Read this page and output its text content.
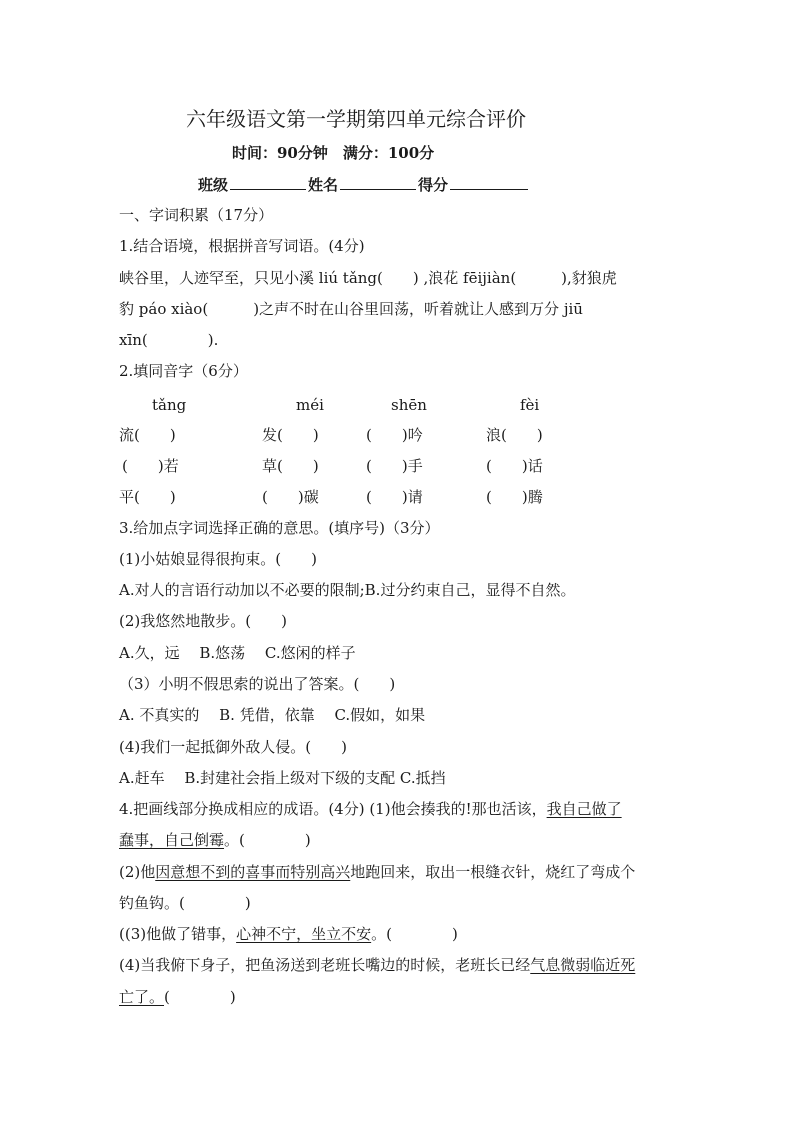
六年级语文第一学期第四单元综合评价
时间：90分钟　满分：100分
班级	姓名	得分
一、字词积累（17分）
1.结合语境，根据拼音写词语。(4分)
峡谷里，人迹罕至，只见小溪 liú tǎng(　　) ,浪花 fēijiàn(　　　),豺狼虎
豹 páo xiào(　　　)之声不时在山谷里回荡，听着就让人感到万分 jiū
xīn(　　　　).
2.填同音字（6分）
tǎng	méi	shēn	fèi
流(　　)	发(　　)	(　　)吟	浪(　　)
(　　)若	草(　　)	(　　)手	(　　)话
平(　　)	(　　)碳	(　　)请	(　　)腾
3.给加点字词选择正确的意思。(填序号)（3分）
(1)小姑娘显得很拘束。(　　)
A.对人的言语行动加以不必要的限制;B.过分约束自己，显得不自然。
(2)我悠然地散步。(　　)
A.久，远　 B.悠荡　 C.悠闲的样子
（3）小明不假思索的说出了答案。(　　)
A. 不真实的　 B. 凭借，依靠　 C.假如，如果
(4)我们一起抵御外敌人侵。(　　)
A.赶车　 B.封建社会指上级对下级的支配 C.抵挡
4.把画线部分换成相应的成语。(4分) (1)他会揍我的!那也活该，我自己做了
蠢事，自己倒霉。(　　　　)
(2)他因意想不到的喜事而特别高兴地跑回来，取出一根缝衣针，烧红了弯成个
钓鱼钩。(　　　　)
((3)他做了错事，心神不宁，坐立不安。(　　　　)
(4)当我俯下身子，把鱼汤送到老班长嘴边的时候，老班长已经气息微弱临近死
亡了。(　　　　)
